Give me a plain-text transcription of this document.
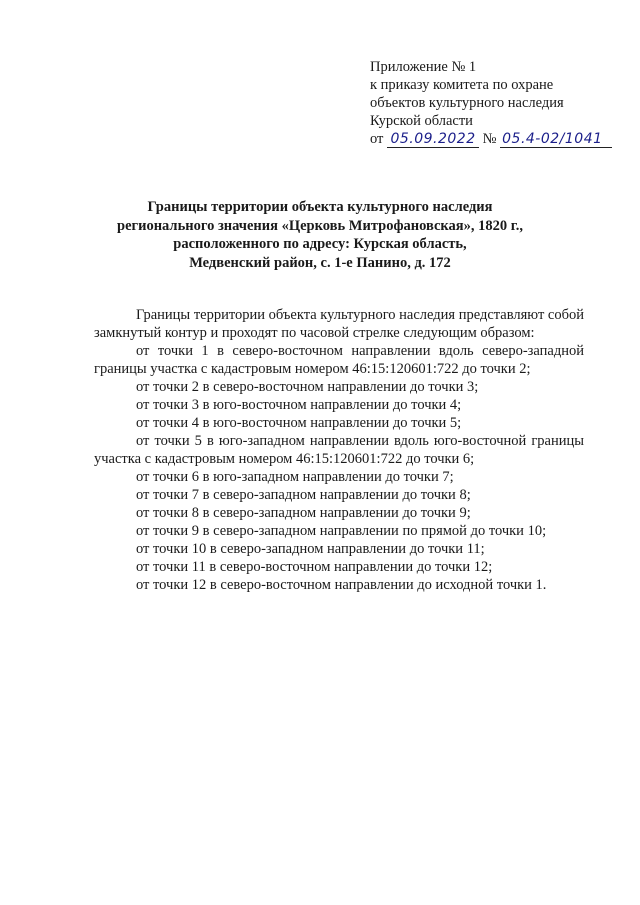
Приложение № 1
к приказу комитета по охране
объектов культурного наследия
Курской области
от 05.09.2022 № 05.4-02/1041
Границы территории объекта культурного наследия
регионального значения «Церковь Митрофановская», 1820 г.,
расположенного по адресу: Курская область,
Медвенский район, с. 1-е Панино, д. 172

Границы территории объекта культурного наследия представляют собой замкнутый контур и проходят по часовой стрелке следующим образом:

от точки 1 в северо-восточном направлении вдоль северо-западной границы участка с кадастровым номером 46:15:120601:722 до точки 2;

от точки 2 в северо-восточном направлении до точки 3;

от точки 3 в юго-восточном направлении до точки 4;

от точки 4 в юго-восточном направлении до точки 5;

от точки 5 в юго-западном направлении вдоль юго-восточной границы участка с кадастровым номером 46:15:120601:722 до точки 6;

от точки 6 в юго-западном направлении до точки 7;

от точки 7 в северо-западном направлении до точки 8;

от точки 8 в северо-западном направлении до точки 9;

от точки 9 в северо-западном направлении по прямой до точки 10;

от точки 10 в северо-западном направлении до точки 11;

от точки 11 в северо-восточном направлении до точки 12;

от точки 12 в северо-восточном направлении до исходной точки 1.
